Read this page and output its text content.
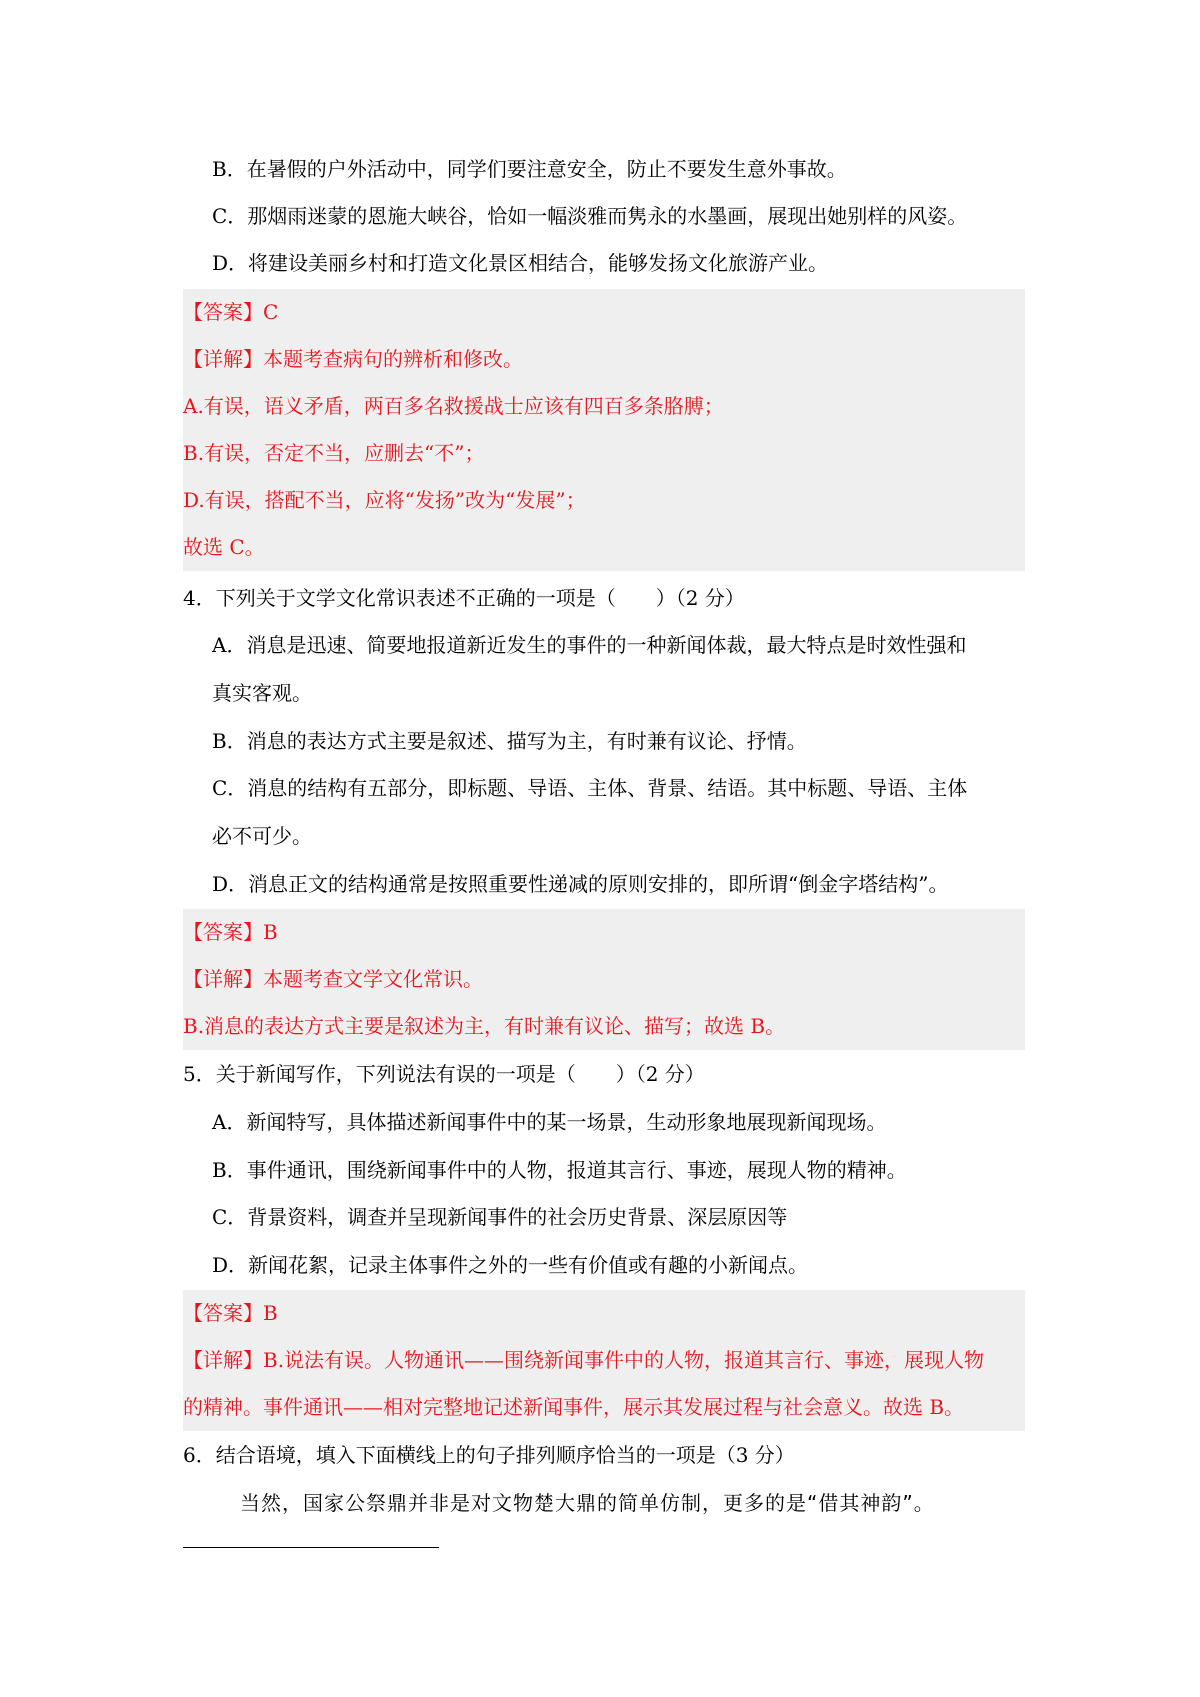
B．在暑假的户外活动中，同学们要注意安全，防止不要发生意外事故。
C．那烟雨迷蒙的恩施大峡谷，恰如一幅淡雅而隽永的水墨画，展现出她别样的风姿。
D．将建设美丽乡村和打造文化景区相结合，能够发扬文化旅游产业。
【答案】C
【详解】本题考查病句的辨析和修改。
A.有误，语义矛盾，两百多名救援战士应该有四百多条胳膊；
B.有误，否定不当，应删去“不”；
D.有误，搭配不当，应将“发扬”改为“发展”；
故选 C。
4．下列关于文学文化常识表述不正确的一项是（　　）（2 分）
A．消息是迅速、简要地报道新近发生的事件的一种新闻体裁，最大特点是时效性强和
真实客观。
B．消息的表达方式主要是叙述、描写为主，有时兼有议论、抒情。
C．消息的结构有五部分，即标题、导语、主体、背景、结语。其中标题、导语、主体
必不可少。
D．消息正文的结构通常是按照重要性递减的原则安排的，即所谓“倒金字塔结构”。
【答案】B
【详解】本题考查文学文化常识。
B.消息的表达方式主要是叙述为主，有时兼有议论、描写；故选 B。
5．关于新闻写作，下列说法有误的一项是（　　）（2 分）
A．新闻特写，具体描述新闻事件中的某一场景，生动形象地展现新闻现场。
B．事件通讯，围绕新闻事件中的人物，报道其言行、事迹，展现人物的精神。
C．背景资料，调查并呈现新闻事件的社会历史背景、深层原因等
D．新闻花絮，记录主体事件之外的一些有价值或有趣的小新闻点。
【答案】B
【详解】B.说法有误。人物通讯——围绕新闻事件中的人物，报道其言行、事迹，展现人物
的精神。事件通讯——相对完整地记述新闻事件，展示其发展过程与社会意义。故选 B。
6．结合语境，填入下面横线上的句子排列顺序恰当的一项是（3 分）
当然，国家公祭鼎并非是对文物楚大鼎的简单仿制，更多的是“借其神韵”。
